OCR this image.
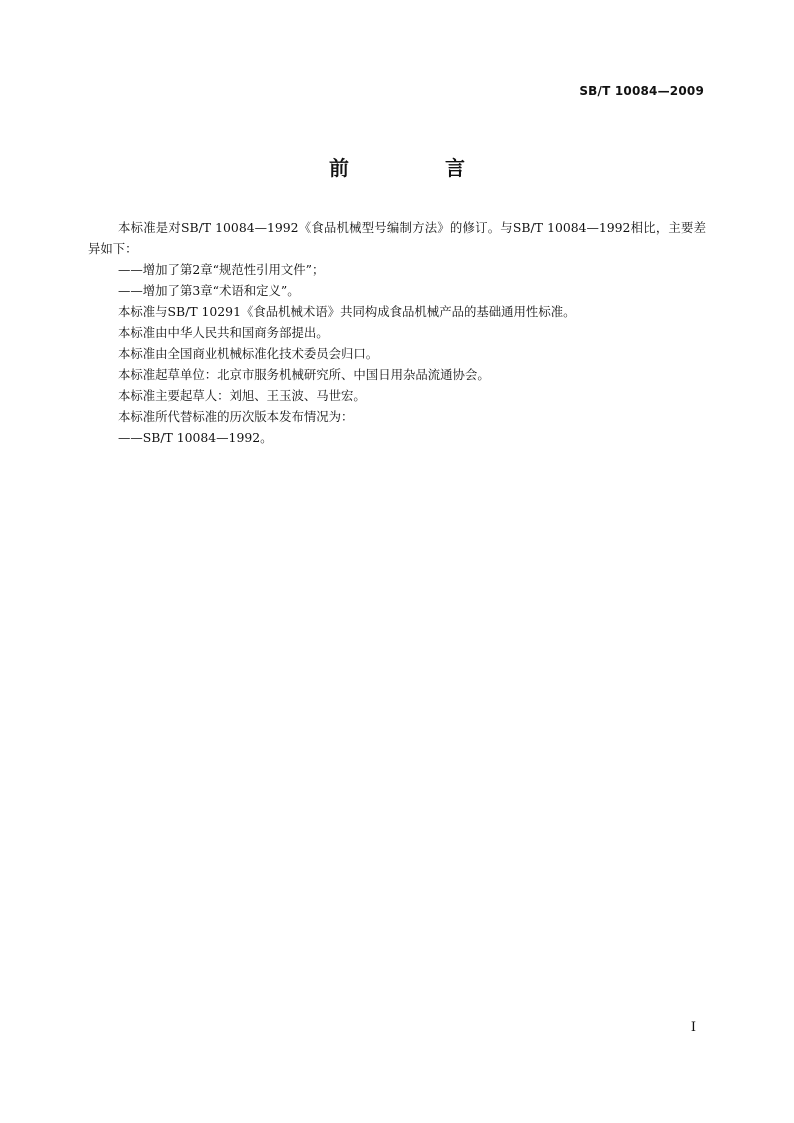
SB/T 10084—2009
前　言

本标准是对SB/T 10084—1992《食品机械型号编制方法》的修订。与SB/T 10084—1992相比，主要差异如下：

——增加了第2章“规范性引用文件”；

——增加了第3章“术语和定义”。

本标准与SB/T 10291《食品机械术语》共同构成食品机械产品的基础通用性标准。

本标准由中华人民共和国商务部提出。

本标准由全国商业机械标准化技术委员会归口。

本标准起草单位：北京市服务机械研究所、中国日用杂品流通协会。

本标准主要起草人：刘旭、王玉波、马世宏。

本标准所代替标准的历次版本发布情况为：

——SB/T 10084—1992。

I
